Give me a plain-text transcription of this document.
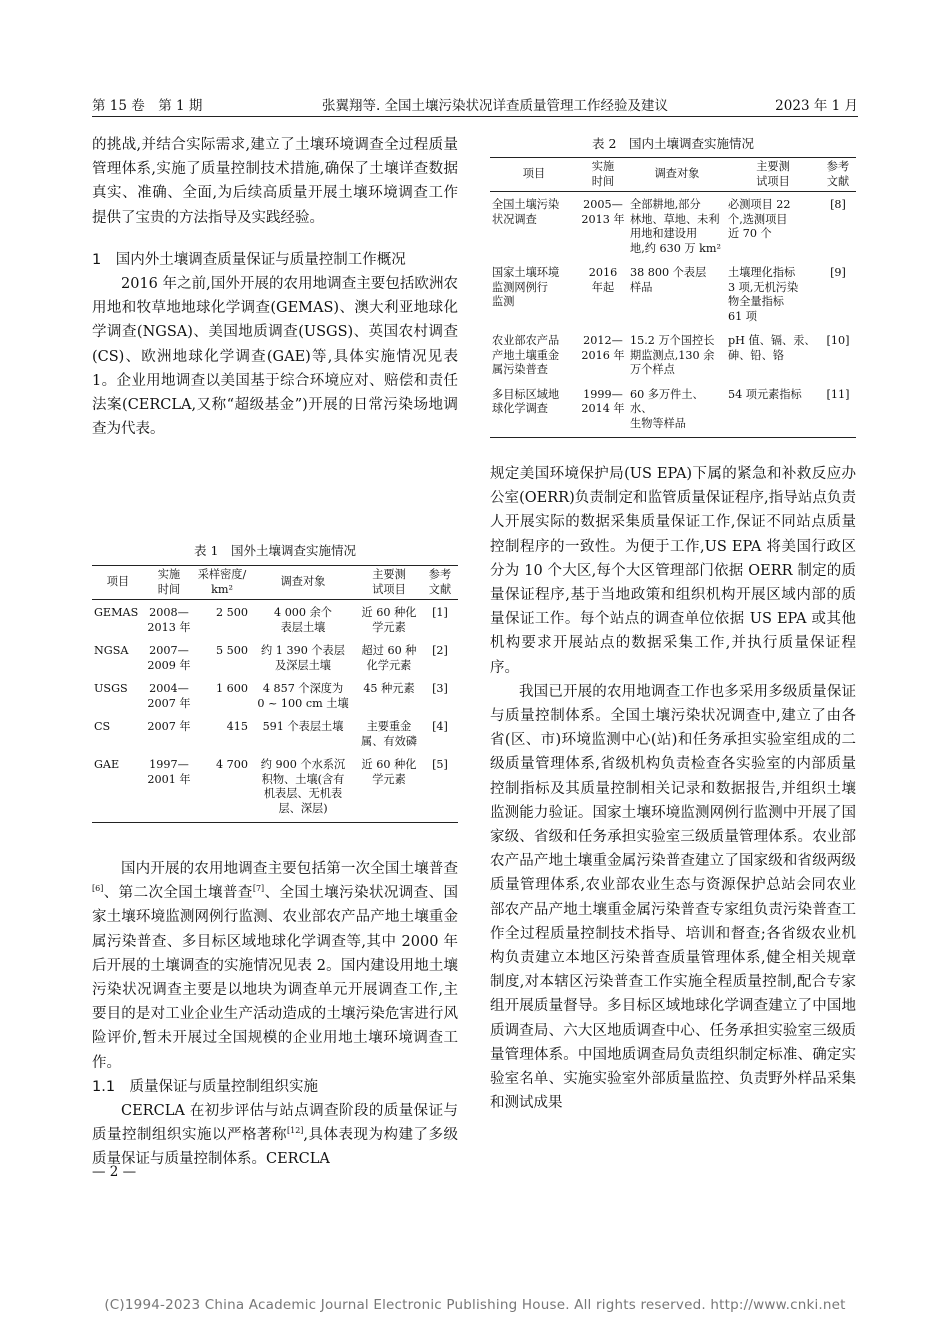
第 15 卷　第 1 期	张翼翔等. 全国土壤污染状况详查质量管理工作经验及建议	2023 年 1 月

的挑战,并结合实际需求,建立了土壤环境调查全过程质量管理体系,实施了质量控制技术措施,确保了土壤详查数据真实、准确、全面,为后续高质量开展土壤环境调查工作提供了宝贵的方法指导及实践经验。

1　国内外土壤调查质量保证与质量控制工作概况

2016 年之前,国外开展的农用地调查主要包括欧洲农用地和牧草地地球化学调查(GEMAS)、澳大利亚地球化学调查(NGSA)、美国地质调查(USGS)、英国农村调查(CS)、欧洲地球化学调查(GAE)等,具体实施情况见表 1。企业用地调查以美国基于综合环境应对、赔偿和责任法案(CERCLA,又称“超级基金”)开展的日常污染场地调查为代表。

表 1　国外土壤调查实施情况
项目	实施
时间	采样密度/
km²	调查对象	主要测
试项目	参考
文献
GEMAS	2008—
2013 年	2 500	4 000 余个
表层土壤	近 60 种化
学元素	[1]
NGSA	2007—
2009 年	5 500	约 1 390 个表层
及深层土壤	超过 60 种
化学元素	[2]
USGS	2004—
2007 年	1 600	4 857 个深度为
0 ~ 100 cm 土壤	45 种元素	[3]
CS	2007 年	415	591 个表层土壤	主要重金
属、有效磷	[4]
GAE	1997—
2001 年	4 700	约 900 个水系沉
积物、土壤(含有
机表层、无机表
层、深层)	近 60 种化
学元素	[5]

国内开展的农用地调查主要包括第一次全国土壤普查[6]、第二次全国土壤普查[7]、全国土壤污染状况调查、国家土壤环境监测网例行监测、农业部农产品产地土壤重金属污染普查、多目标区域地球化学调查等,其中 2000 年后开展的土壤调查的实施情况见表 2。国内建设用地土壤污染状况调查主要是以地块为调查单元开展调查工作,主要目的是对工业企业生产活动造成的土壤污染危害进行风险评价,暂未开展过全国规模的企业用地土壤环境调查工作。

1.1　质量保证与质量控制组织实施

CERCLA 在初步评估与站点调查阶段的质量保证与质量控制组织实施以严格著称[12],具体表现为构建了多级质量保证与质量控制体系。CERCLA

— 2 —
表 2　国内土壤调查实施情况
项目	实施
时间	调查对象	主要测
试项目	参考
文献
全国土壤污染
状况调查	2005—
2013 年	全部耕地,部分
林地、草地、未利
用地和建设用
地,约 630 万 km²	必测项目 22
个,选测项目
近 70 个	[8]
国家土壤环境
监测网例行
监测	2016
年起	38 800 个表层
样品	土壤理化指标
3 项,无机污染
物全量指标
61 项	[9]
农业部农产品
产地土壤重金
属污染普查	2012—
2016 年	15.2 万个国控长
期监测点,130 余
万个样点	pH 值、镉、汞、
砷、铅、铬	[10]
多目标区域地
球化学调查	1999—
2014 年	60 多万件土、水、
生物等样品	54 项元素指标	[11]

规定美国环境保护局(US EPA)下属的紧急和补救反应办公室(OERR)负责制定和监管质量保证程序,指导站点负责人开展实际的数据采集质量保证工作,保证不同站点质量控制程序的一致性。为便于工作,US EPA 将美国行政区分为 10 个大区,每个大区管理部门依据 OERR 制定的质量保证程序,基于当地政策和组织机构开展区域内部的质量保证工作。每个站点的调查单位依据 US EPA 或其他机构要求开展站点的数据采集工作,并执行质量保证程序。

我国已开展的农用地调查工作也多采用多级质量保证与质量控制体系。全国土壤污染状况调查中,建立了由各省(区、市)环境监测中心(站)和任务承担实验室组成的二级质量管理体系,省级机构负责检查各实验室的内部质量控制指标及其质量控制相关记录和数据报告,并组织土壤监测能力验证。国家土壤环境监测网例行监测中开展了国家级、省级和任务承担实验室三级质量管理体系。农业部农产品产地土壤重金属污染普查建立了国家级和省级两级质量管理体系,农业部农业生态与资源保护总站会同农业部农产品产地土壤重金属污染普查专家组负责污染普查工作全过程质量控制技术指导、培训和督查;各省级农业机构负责建立本地区污染普查质量管理体系,健全相关规章制度,对本辖区污染普查工作实施全程质量控制,配合专家组开展质量督导。多目标区域地球化学调查建立了中国地质调查局、六大区地质调查中心、任务承担实验室三级质量管理体系。中国地质调查局负责组织制定标准、确定实验室名单、实施实验室外部质量监控、负责野外样品采集和测试成果

(C)1994-2023 China Academic Journal Electronic Publishing House. All rights reserved. http://www.cnki.net
